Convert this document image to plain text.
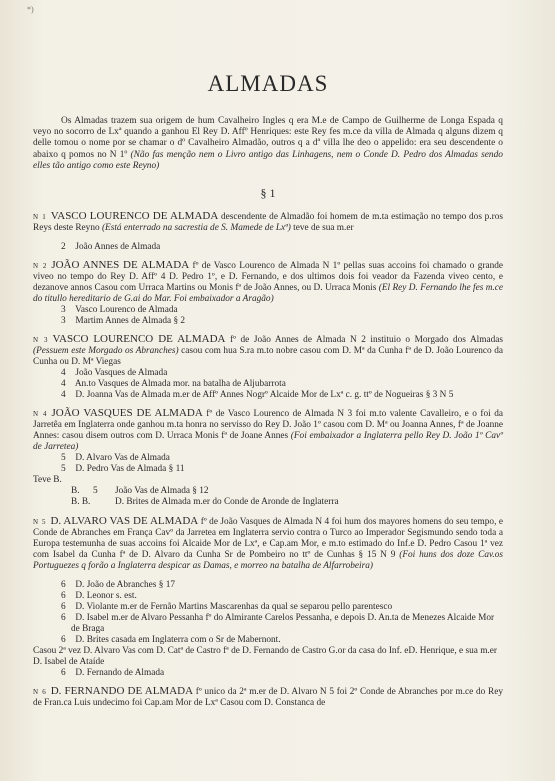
*)
ALMADAS

Os Almadas trazem sua origem de hum Cavalheiro Ingles q era M.e de Campo de Guilherme de Longa Espada q veyo no socorro de Lxª quando a ganhou El Rey D. Affº Henriques: este Rey fes m.ce da villa de Almada q alguns dizem q delle tomou o nome por se chamar o dº Cavalheiro Almadão, outros q a dª villa lhe deo o appelido: era seu descendente o abaixo q pomos no N 1º (Não fas menção nem o Livro antigo das Linhagens, nem o Conde D. Pedro dos Almadas sendo elles tão antigo como este Reyno)

§ 1

N 1 VASCO LOURENCO DE ALMADA descendente de Almadão foi homem de m.ta estimação no tempo dos p.ros Reys deste Reyno (Está enterrado na sacrestia de S. Mamede de Lxª) teve de sua m.er

2 João Annes de Almada

N 2 JOÃO ANNES DE ALMADA fº de Vasco Lourenco de Almada N 1º pellas suas accoins foi chamado o grande viveo no tempo do Rey D. Affº 4 D. Pedro 1º, e D. Fernando, e dos ultimos dois foi veador da Fazenda viveo cento, e dezanove annos Casou com Urraca Martins ou Monis fª de João Annes, ou D. Urraca Monis (El Rey D. Fernando lhe fes m.ce do titullo hereditario de G.ai do Mar. Foi embaixador a Aragão)

3 Vasco Lourenco de Almada
3 Martim Annes de Almada § 2

N 3 VASCO LOURENCO DE ALMADA fº de João Annes de Almada N 2 instituio o Morgado dos Almadas (Pessuem este Morgado os Abranches) casou com hua S.ra m.to nobre casou com D. Mª da Cunha fª de D. João Lourenco da Cunha ou D. Mª Viegas

4 João Vasques de Almada
4 An.to Vasques de Almada mor. na batalha de Aljubarrota
4 D. Joanna Vas de Almada m.er de Affº Annes Nogrº Alcaide Mor de Lxª c. g. ttº de Nogueiras § 3 N 5

N 4 JOÃO VASQUES DE ALMADA fº de Vasco Lourenco de Almada N 3 foi m.to valente Cavalleiro, e o foi da Jarretêa em Inglaterra onde ganhou m.ta honra no servisso do Rey D. João 1º casou com D. Mª ou Joanna Annes, fª de Joanne Annes: casou disem outros com D. Urraca Monis fª de Joane Annes (Foi embaixador a Inglaterra pello Rey D. João 1º Cavº de Jarretea)

5 D. Alvaro Vas de Almada
5 D. Pedro Vas de Almada § 11

Teve B.

B. 5 João Vas de Almada § 12
B. B.	D. Brites de Almada m.er do Conde de Aronde de Inglaterra

N 5 D. ALVARO VAS DE ALMADA fº de João Vasques de Almada N 4 foi hum dos mayores homens do seu tempo, e Conde de Abranches em França Cavº da Jarretea em Inglaterra servio contra o Turco ao Imperador Segismundo sendo toda a Europa testemunha de suas accoins foi Alcaide Mor de Lxª, e Cap.am Mor, e m.to estimado do Inf.e D. Pedro Casou 1ª vez com Isabel da Cunha fª de D. Alvaro da Cunha Sr de Pombeiro no ttº de Cunhas § 15 N 9 (Foi huns dos doze Cav.os Portuguezes q forão a Inglaterra despicar as Damas, e morreo na batalha de Alfarrobeira)

6 D. João de Abranches § 17
6 D. Leonor s. est.
6 D. Violante m.er de Fernão Martins Mascarenhas da qual se separou pello parentesco
6 D. Isabel m.er de Alvaro Pessanha fº do Almirante Carelos Pessanha, e depois D. An.ta de Menezes Alcaide Mor de Braga
6 D. Brites casada em Inglaterra com o Sr de Mabernont.

Casou 2ª vez D. Alvaro Vas com D. Catª de Castro fª de D. Fernando de Castro G.or da casa do Inf. eD. Henrique, e sua m.er D. Isabel de Ataíde

6 D. Fernando de Almada

N 6 D. FERNANDO DE ALMADA fº unico da 2ª m.er de D. Alvaro N 5 foi 2º Conde de Abranches por m.ce do Rey de Fran.ca Luis undecimo foi Cap.am Mor de Lxª Casou com D. Constanca de
